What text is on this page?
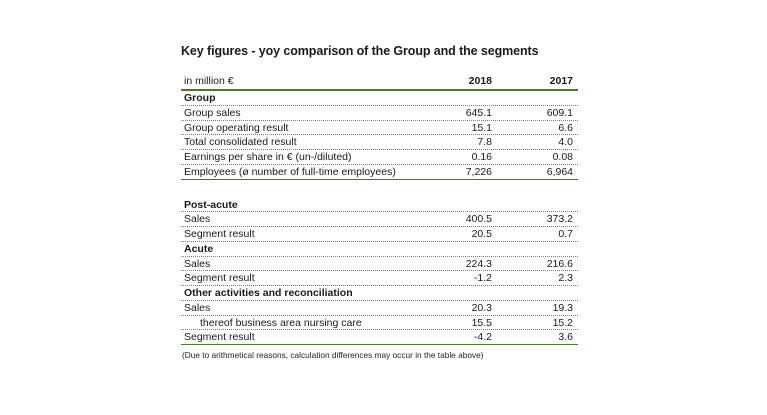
Key figures - yoy comparison of the Group and the segments
in million €	2018	2017
Group
Group sales	645.1	609.1
Group operating result	15.1	6.6
Total consolidated result	7.8	4.0
Earnings per share in € (un-/diluted)	0.16	0.08
Employees (ø number of full-time employees)	7,226	6,964
Post-acute
Sales	400.5	373.2
Segment result	20.5	0.7
Acute
Sales	224.3	216.6
Segment result	-1.2	2.3
Other activities and reconciliation
Sales	20.3	19.3
thereof business area nursing care	15.5	15.2
Segment result	-4.2	3.6
(Due to arithmetical reasons, calculation differences may occur in the table above)
